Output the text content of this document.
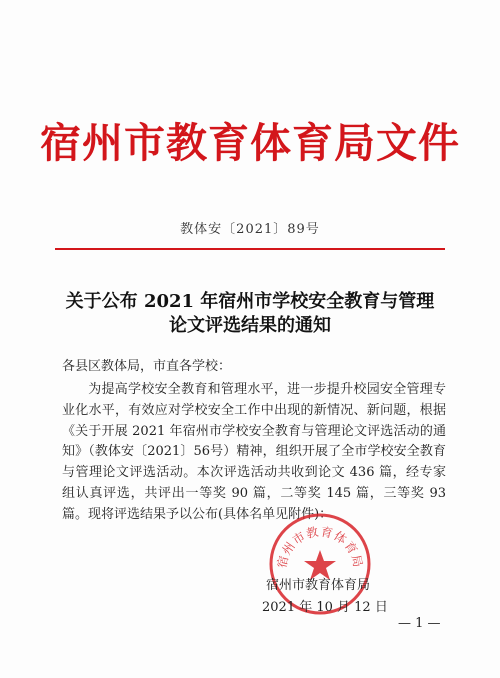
宿州市教育体育局文件
教体安〔2021〕89号
关于公布 2021 年宿州市学校安全教育与管理
论文评选结果的通知
各县区教体局，市直各学校：
为提高学校安全教育和管理水平，进一步提升校园安全管理专业化水平，有效应对学校安全工作中出现的新情况、新问题，根据《关于开展 2021 年宿州市学校安全教育与管理论文评选活动的通知》（教体安〔2021〕56号）精神，组织开展了全市学校安全教育与管理论文评选活动。本次评选活动共收到论文 436 篇，经专家组认真评选，共评出一等奖 90 篇，二等奖 145 篇，三等奖 93 篇。现将评选结果予以公布(具体名单见附件)：
宿州市教育体育局
宿州市教育体育局
2021 年 10 月 12 日
— 1 —
